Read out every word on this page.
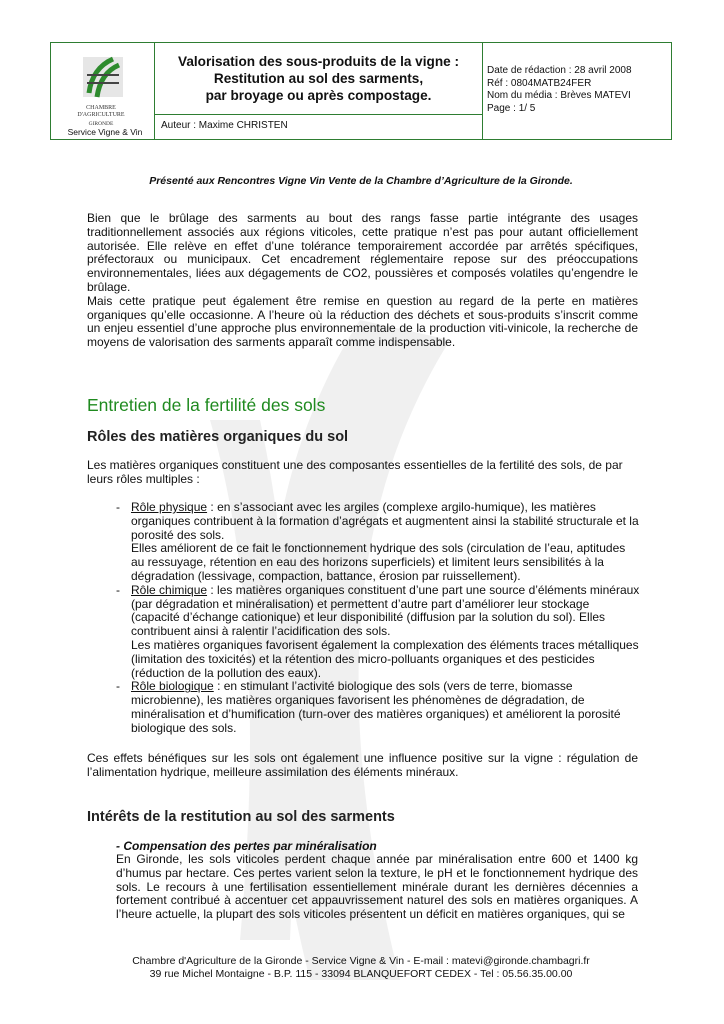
CHAMBRE
D'AGRICULTURE
GIRONDE
Service Vigne & Vin
Valorisation des sous-produits de la vigne :
Restitution au sol des sarments,
par broyage ou après compostage.
Auteur : Maxime CHRISTEN
Date de rédaction : 28 avril 2008
Réf : 0804MATB24FER
Nom du média : Brèves MATEVI
Page : 1/ 5
Présenté aux Rencontres Vigne Vin Vente de la Chambre d’Agriculture de la Gironde.

Bien que le brûlage des sarments au bout des rangs fasse partie intégrante des usages traditionnellement associés aux régions viticoles, cette pratique n’est pas pour autant officiellement autorisée. Elle relève en effet d’une tolérance temporairement accordée par arrêtés spécifiques, préfectoraux ou municipaux. Cet encadrement réglementaire repose sur des préoccupations environnementales, liées aux dégagements de CO2, poussières et composés volatiles qu’engendre le brûlage.

Mais cette pratique peut également être remise en question au regard de la perte en matières organiques qu’elle occasionne. A l’heure où la réduction des déchets et sous-produits s’inscrit comme un enjeu essentiel d’une approche plus environnementale de la production viti-vinicole, la recherche de moyens de valorisation des sarments apparaît comme indispensable.

Entretien de la fertilité des sols
Rôles des matières organiques du sol

Les matières organiques constituent une des composantes essentielles de la fertilité des sols, de par leurs rôles multiples :

- Rôle physique : en s’associant avec les argiles (complexe argilo-humique), les matières organiques contribuent à la formation d’agrégats et augmentent ainsi la stabilité structurale et la porosité des sols.

Elles améliorent de ce fait le fonctionnement hydrique des sols (circulation de l’eau, aptitudes au ressuyage, rétention en eau des horizons superficiels) et limitent leurs sensibilités à la dégradation (lessivage, compaction, battance, érosion par ruissellement).

- Rôle chimique : les matières organiques constituent d’une part une source d’éléments minéraux (par dégradation et minéralisation) et permettent d’autre part d’améliorer leur stockage (capacité d’échange cationique) et leur disponibilité (diffusion par la solution du sol). Elles contribuent ainsi à ralentir l’acidification des sols.

Les matières organiques favorisent également la complexation des éléments traces métalliques (limitation des toxicités) et la rétention des micro-polluants organiques et des pesticides (réduction de la pollution des eaux).

- Rôle biologique : en stimulant l’activité biologique des sols (vers de terre, biomasse microbienne), les matières organiques favorisent les phénomènes de dégradation, de minéralisation et d’humification (turn-over des matières organiques) et améliorent la porosité biologique des sols.

Ces effets bénéfiques sur les sols ont également une influence positive sur la vigne : régulation de l’alimentation hydrique, meilleure assimilation des éléments minéraux.

Intérêts de la restitution au sol des sarments
- Compensation des pertes par minéralisation
En Gironde, les sols viticoles perdent chaque année par minéralisation entre 600 et 1400 kg d’humus par hectare. Ces pertes varient selon la texture, le pH et le fonctionnement hydrique des sols. Le recours à une fertilisation essentiellement minérale durant les dernières décennies a fortement contribué à accentuer cet appauvrissement naturel des sols en matières organiques. A l’heure actuelle, la plupart des sols viticoles présentent un déficit en matières organiques, qui se
Chambre d'Agriculture de la Gironde - Service Vigne & Vin - E-mail : matevi@gironde.chambagri.fr
39 rue Michel Montaigne - B.P. 115 - 33094 BLANQUEFORT CEDEX - Tel : 05.56.35.00.00
